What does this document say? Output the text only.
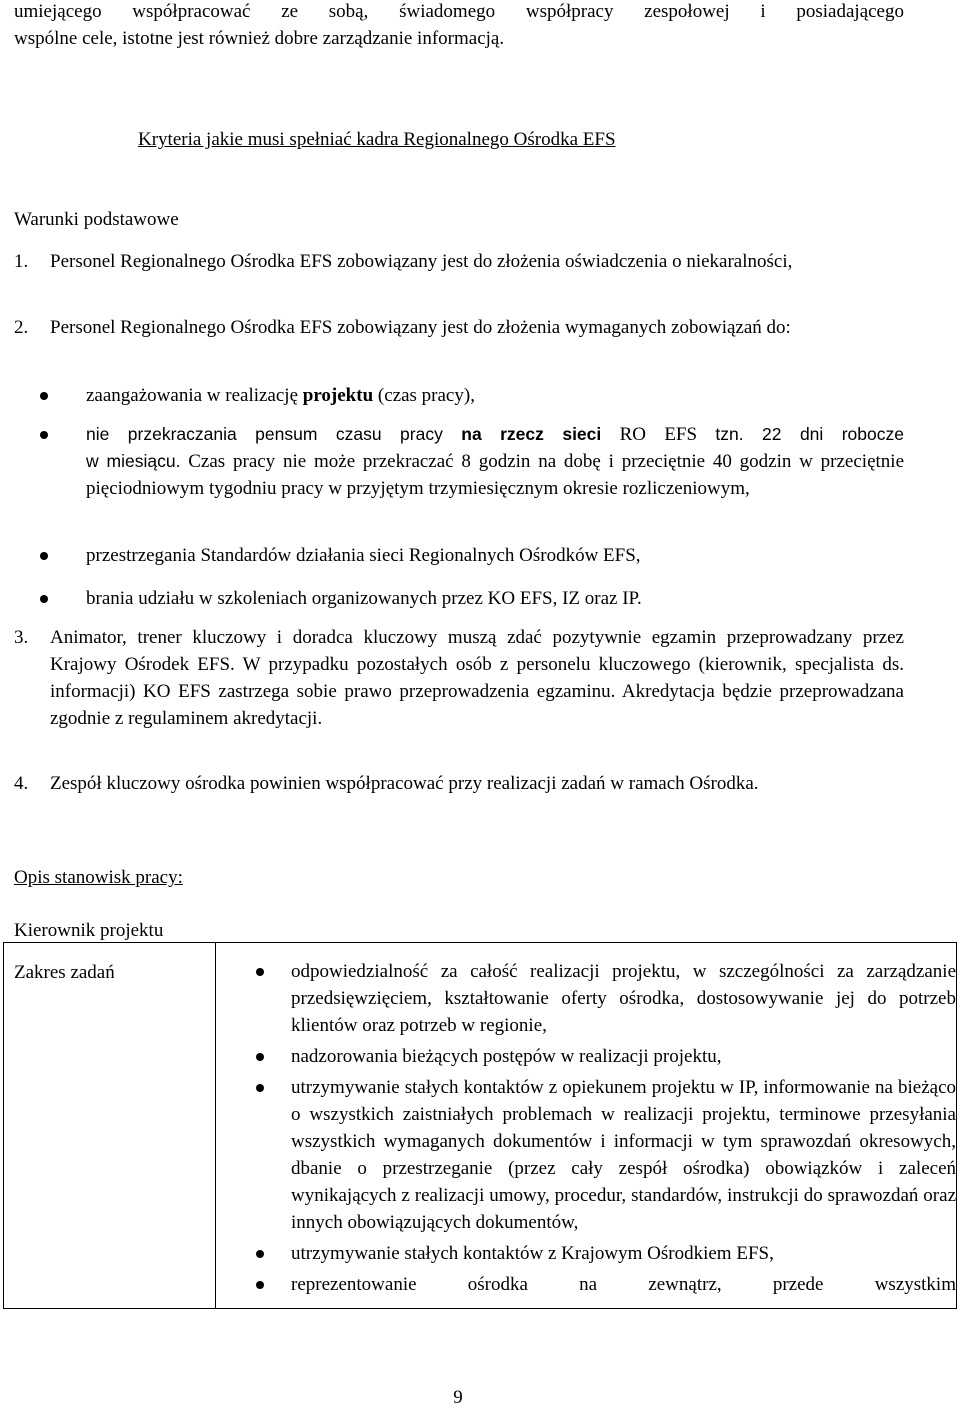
umiejącego współpracować ze sobą, świadomego współpracy zespołowej i posiadającego
wspólne cele, istotne jest również dobre zarządzanie informacją.

Kryteria jakie musi spełniać kadra Regionalnego Ośrodka EFS

Warunki podstawowe

1. Personel Regionalnego Ośrodka EFS zobowiązany jest do złożenia oświadczenia o niekaralności,

2. Personel Regionalnego Ośrodka EFS zobowiązany jest do złożenia wymaganych zobowiązań do:

zaangażowania w realizację projektu (czas pracy),
nie przekraczania pensum czasu pracy na rzecz sieci RO EFS tzn. 22 dni robocze
w miesiącu. Czas pracy nie może przekraczać 8 godzin na dobę i przeciętnie 40 godzin w przeciętnie pięciodniowym tygodniu pracy w przyjętym trzymiesięcznym okresie rozliczeniowym,
przestrzegania Standardów działania sieci Regionalnych Ośrodków EFS,
brania udziału w szkoleniach organizowanych przez KO EFS, IZ oraz IP.

3. Animator, trener kluczowy i doradca kluczowy muszą zdać pozytywnie egzamin przeprowadzany przez Krajowy Ośrodek EFS. W przypadku pozostałych osób z personelu kluczowego (kierownik, specjalista ds. informacji) KO EFS zastrzega sobie prawo przeprowadzenia egzaminu. Akredytacja będzie przeprowadzana zgodnie z regulaminem akredytacji.

4. Zespół kluczowy ośrodka powinien współpracować przy realizacji zadań w ramach Ośrodka.

Opis stanowisk pracy:

Kierownik projektu

Zakres zadań	odpowiedzialność za całość realizacji projektu, w szczególności za zarządzanie przedsięwzięciem, kształtowanie oferty ośrodka, dostosowywanie jej do potrzeb klientów oraz potrzeb w regionie,
nadzorowania bieżących postępów w realizacji projektu,
utrzymywanie stałych kontaktów z opiekunem projektu w IP, informowanie na bieżąco o wszystkich zaistniałych problemach w realizacji projektu, terminowe przesyłania wszystkich wymaganych dokumentów i informacji w tym sprawozdań okresowych, dbanie o przestrzeganie (przez cały zespół ośrodka) obowiązków i zaleceń wynikających z realizacji umowy, procedur, standardów, instrukcji do sprawozdań oraz innych obowiązujących dokumentów,
utrzymywanie stałych kontaktów z Krajowym Ośrodkiem EFS,
reprezentowanie ośrodka na zewnątrz, przede wszystkim
9
